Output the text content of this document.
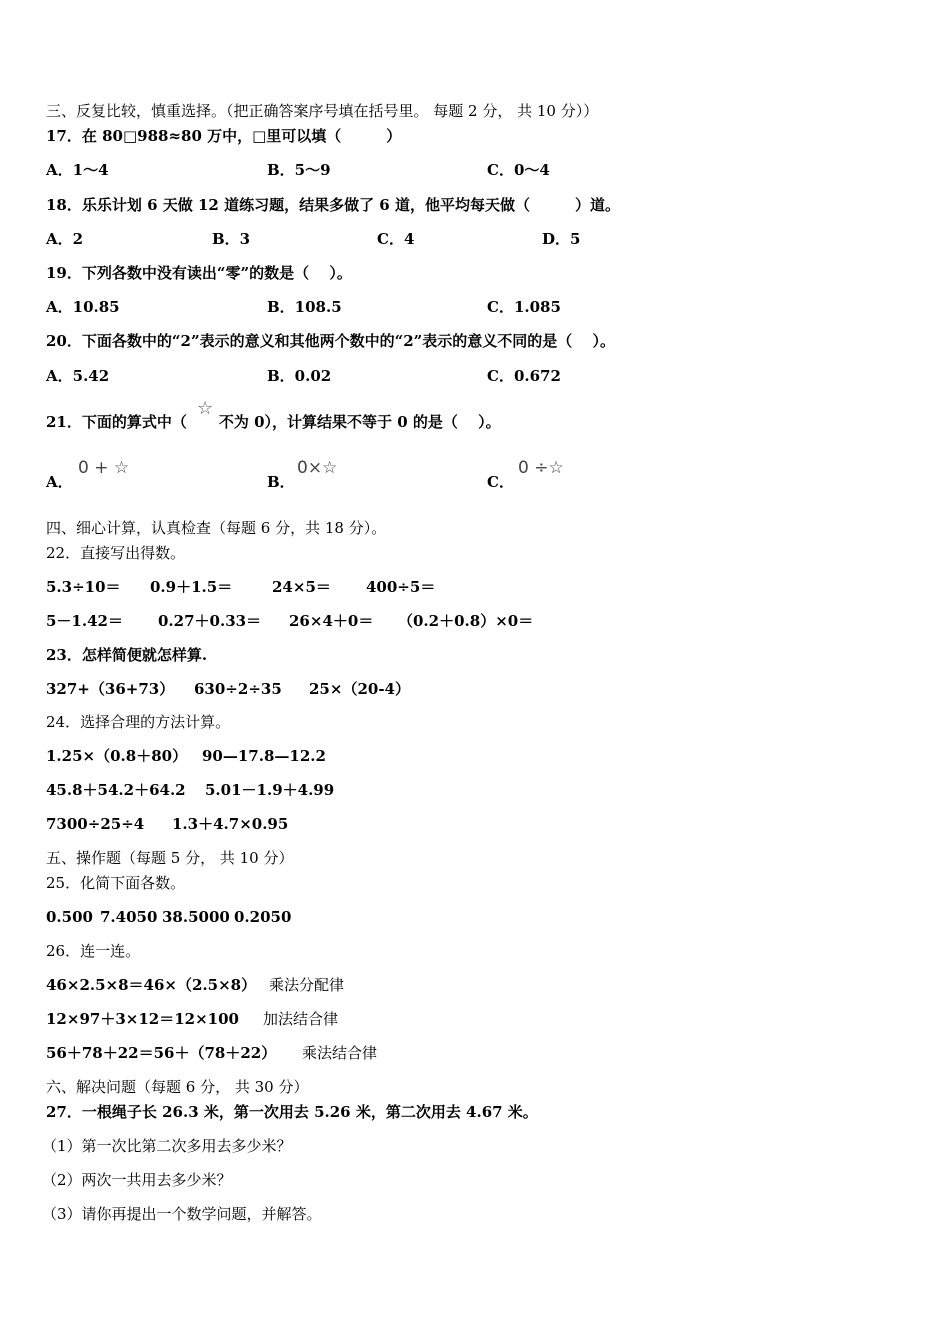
三、反复比较，慎重选择。（把正确答案序号填在括号里。 每题 2 分， 共 10 分））
17．在 80□988≈80 万中，□里可以填（　　　）
A．1～4	B．5～9	C．0～4
18．乐乐计划 6 天做 12 道练习题，结果多做了 6 道，他平均每天做（　　　）道。
A．2	B．3	C．4	D．5
19．下列各数中没有读出“零”的数是（　 ）。
A．10.85	B．108.5	C．1.085
20．下面各数中的“2”表示的意义和其他两个数中的“2”表示的意义不同的是（　 ）。
A．5.42	B．0.02	C．0.672
21．下面的算式中（ 不为 0），计算结果不等于 0 的是（　 ）。
☆
A．
0 + ☆
B．
0×☆
C．
0 ÷☆
四、细心计算，认真检查（每题 6 分，共 18 分）。
22．直接写出得数。
5.3÷10＝ 0.9＋1.5＝	24×5＝ 400÷5＝
5－1.42＝ 0.27＋0.33＝ 26×4＋0＝ （0.2＋0.8）×0＝
23．怎样简便就怎样算.
327+（36+73） 630÷2÷35 25×（20-4）
24．选择合理的方法计算。
1.25×（0.8＋80） 90—17.8—12.2
45.8＋54.2＋64.2 5.01－1.9＋4.99
7300÷25÷4 1.3＋4.7×0.95
五、操作题（每题 5 分， 共 10 分）
25．化简下面各数。
0.500 7.4050 38.5000 0.2050
26．连一连。
46×2.5×8＝46×（2.5×8） 乘法分配律
12×97＋3×12＝12×100 加法结合律
56＋78＋22＝56＋（78＋22） 乘法结合律
六、解决问题（每题 6 分， 共 30 分）
27．一根绳子长 26.3 米，第一次用去 5.26 米，第二次用去 4.67 米。
（1）第一次比第二次多用去多少米？
（2）两次一共用去多少米？
（3）请你再提出一个数学问题，并解答。
